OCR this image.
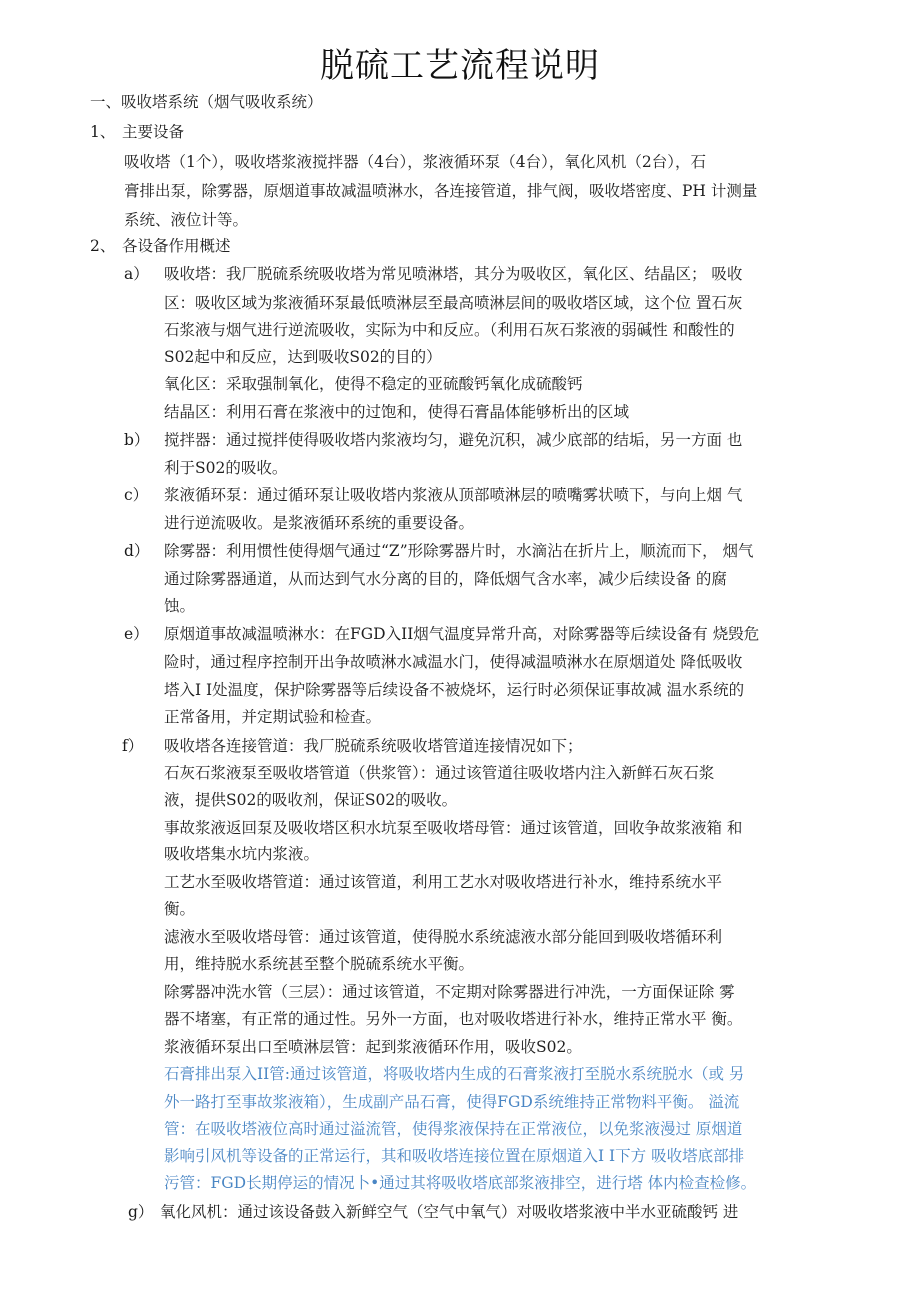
脱硫工艺流程说明
一、吸收塔系统（烟气吸收系统）
1、 主要设备
吸收塔（1个），吸收塔浆液搅拌器（4台），浆液循环泵（4台），氧化风机（2台），石
膏排出泵，除雾器，原烟道事故减温喷淋水，各连接管道，排气阀，吸收塔密度、PH 计测量
系统、液位计等。
2、 各设备作用概述
a） 吸收塔：我厂脱硫系统吸收塔为常见喷淋塔，其分为吸收区，氧化区、结晶区； 吸收
区：吸收区域为浆液循环泵最低喷淋层至最高喷淋层间的吸收塔区域，这个位 置石灰
石浆液与烟气进行逆流吸收，实际为中和反应。（利用石灰石浆液的弱碱性 和酸性的
S02起中和反应，达到吸收S02的目的）
氧化区：采取强制氧化，使得不稳定的亚硫酸钙氧化成硫酸钙
结晶区：利用石膏在浆液中的过饱和，使得石膏晶体能够析出的区域
b） 搅拌器：通过搅拌使得吸收塔内浆液均匀，避免沉积，减少底部的结垢，另一方面 也
利于S02的吸收。
c） 浆液循环泵：通过循环泵让吸收塔内浆液从顶部喷淋层的喷嘴雾状喷下，与向上烟 气
进行逆流吸收。是浆液循环系统的重要设备。
d） 除雾器：利用惯性使得烟气通过“Z”形除雾器片时，水滴沾在折片上，顺流而下， 烟气
通过除雾器通道，从而达到气水分离的目的，降低烟气含水率，减少后续设备 的腐
蚀。
e） 原烟道事故减温喷淋水：在FGD入II烟气温度异常升高，对除雾器等后续设备有 烧毁危
险时，通过程序控制开出争故喷淋水减温水门，使得减温喷淋水在原烟道处 降低吸收
塔入I I处温度，保护除雾器等后续设备不被烧坏，运行时必须保证事故减 温水系统的
正常备用，并定期试验和检查。
f） 吸收塔各连接管道：我厂脱硫系统吸收塔管道连接情况如下；
石灰石浆液泵至吸收塔管道（供浆管）：通过该管道往吸收塔内注入新鲜石灰石浆
液，提供S02的吸收剂，保证S02的吸收。
事故浆液返回泵及吸收塔区积水坑泵至吸收塔母管：通过该管道，回收争故浆液箱 和
吸收塔集水坑内浆液。
工艺水至吸收塔管道：通过该管道，利用工艺水对吸收塔进行补水，维持系统水平
衡。
滤液水至吸收塔母管：通过该管道，使得脱水系统滤液水部分能回到吸收塔循环利
用，维持脱水系统甚至整个脱硫系统水平衡。
除雾器冲洗水管（三层）：通过该管道，不定期对除雾器进行冲洗，一方面保证除 雾
器不堵塞，有正常的通过性。另外一方面，也对吸收塔进行补水，维持正常水平 衡。
浆液循环泵出口至喷淋层管：起到浆液循环作用，吸收S02。
石膏排出泵入II管:通过该管道，将吸收塔内生成的石膏浆液打至脱水系统脱水（或 另
外一路打至事故浆液箱），生成副产品石膏，使得FGD系统维持正常物料平衡。 溢流
管：在吸收塔液位高时通过溢流管，使得浆液保持在正常液位，以免浆液漫过 原烟道
影响引风机等设备的正常运行，其和吸收塔连接位置在原烟道入I I下方 吸收塔底部排
污管：FGD长期停运的情况卜•通过其将吸收塔底部浆液排空，进行塔 体内检查检修。
g） 氧化风机：通过该设备鼓入新鲜空气（空气中氧气）对吸收塔浆液中半水亚硫酸钙 进
